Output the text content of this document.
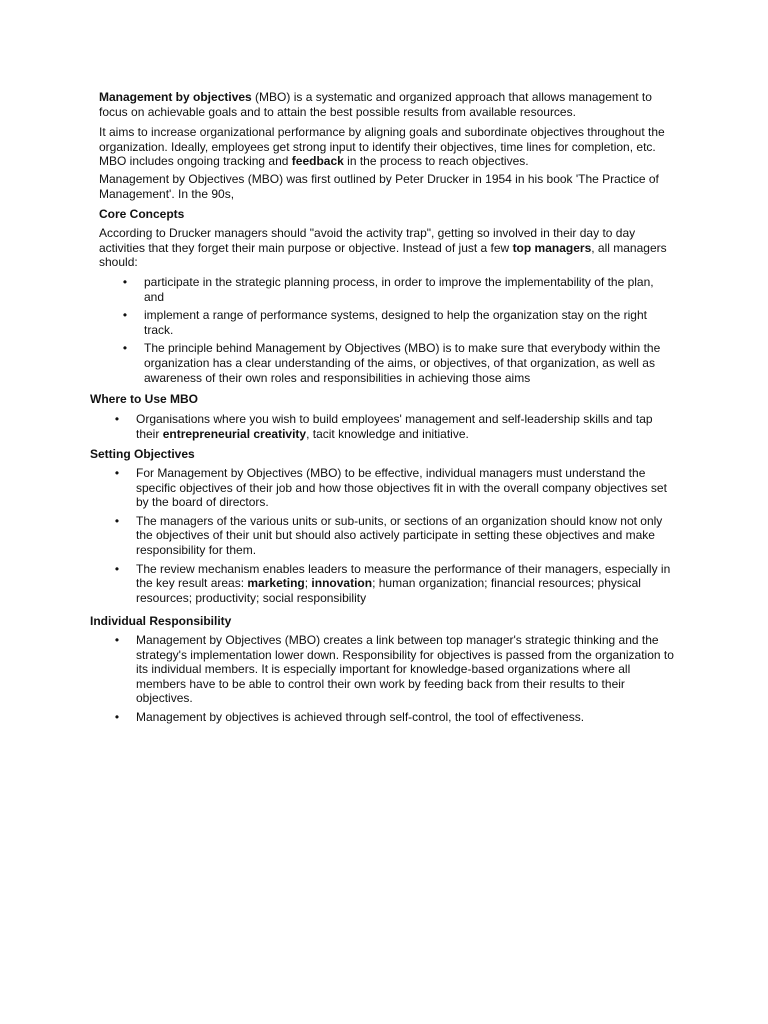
Management by objectives (MBO) is a systematic and organized approach that allows management to focus on achievable goals and to attain the best possible results from available resources.

It aims to increase organizational performance by aligning goals and subordinate objectives throughout the organization. Ideally, employees get strong input to identify their objectives, time lines for completion, etc. MBO includes ongoing tracking and feedback in the process to reach objectives.

Management by Objectives (MBO) was first outlined by Peter Drucker in 1954 in his book 'The Practice of Management'. In the 90s,

Core Concepts

According to Drucker managers should "avoid the activity trap", getting so involved in their day to day activities that they forget their main purpose or objective. Instead of just a few top managers, all managers should:

• participate in the strategic planning process, in order to improve the implementability of the plan, and
• implement a range of performance systems, designed to help the organization stay on the right track.
• The principle behind Management by Objectives (MBO) is to make sure that everybody within the organization has a clear understanding of the aims, or objectives, of that organization, as well as awareness of their own roles and responsibilities in achieving those aims

Where to Use MBO

• Organisations where you wish to build employees' management and self-leadership skills and tap their entrepreneurial creativity, tacit knowledge and initiative.

Setting Objectives

• For Management by Objectives (MBO) to be effective, individual managers must understand the specific objectives of their job and how those objectives fit in with the overall company objectives set by the board of directors.
• The managers of the various units or sub-units, or sections of an organization should know not only the objectives of their unit but should also actively participate in setting these objectives and make responsibility for them.
• The review mechanism enables leaders to measure the performance of their managers, especially in the key result areas: marketing; innovation; human organization; financial resources; physical resources; productivity; social responsibility

Individual Responsibility

• Management by Objectives (MBO) creates a link between top manager's strategic thinking and the strategy's implementation lower down. Responsibility for objectives is passed from the organization to its individual members. It is especially important for knowledge-based organizations where all members have to be able to control their own work by feeding back from their results to their objectives.
• Management by objectives is achieved through self-control, the tool of effectiveness.
